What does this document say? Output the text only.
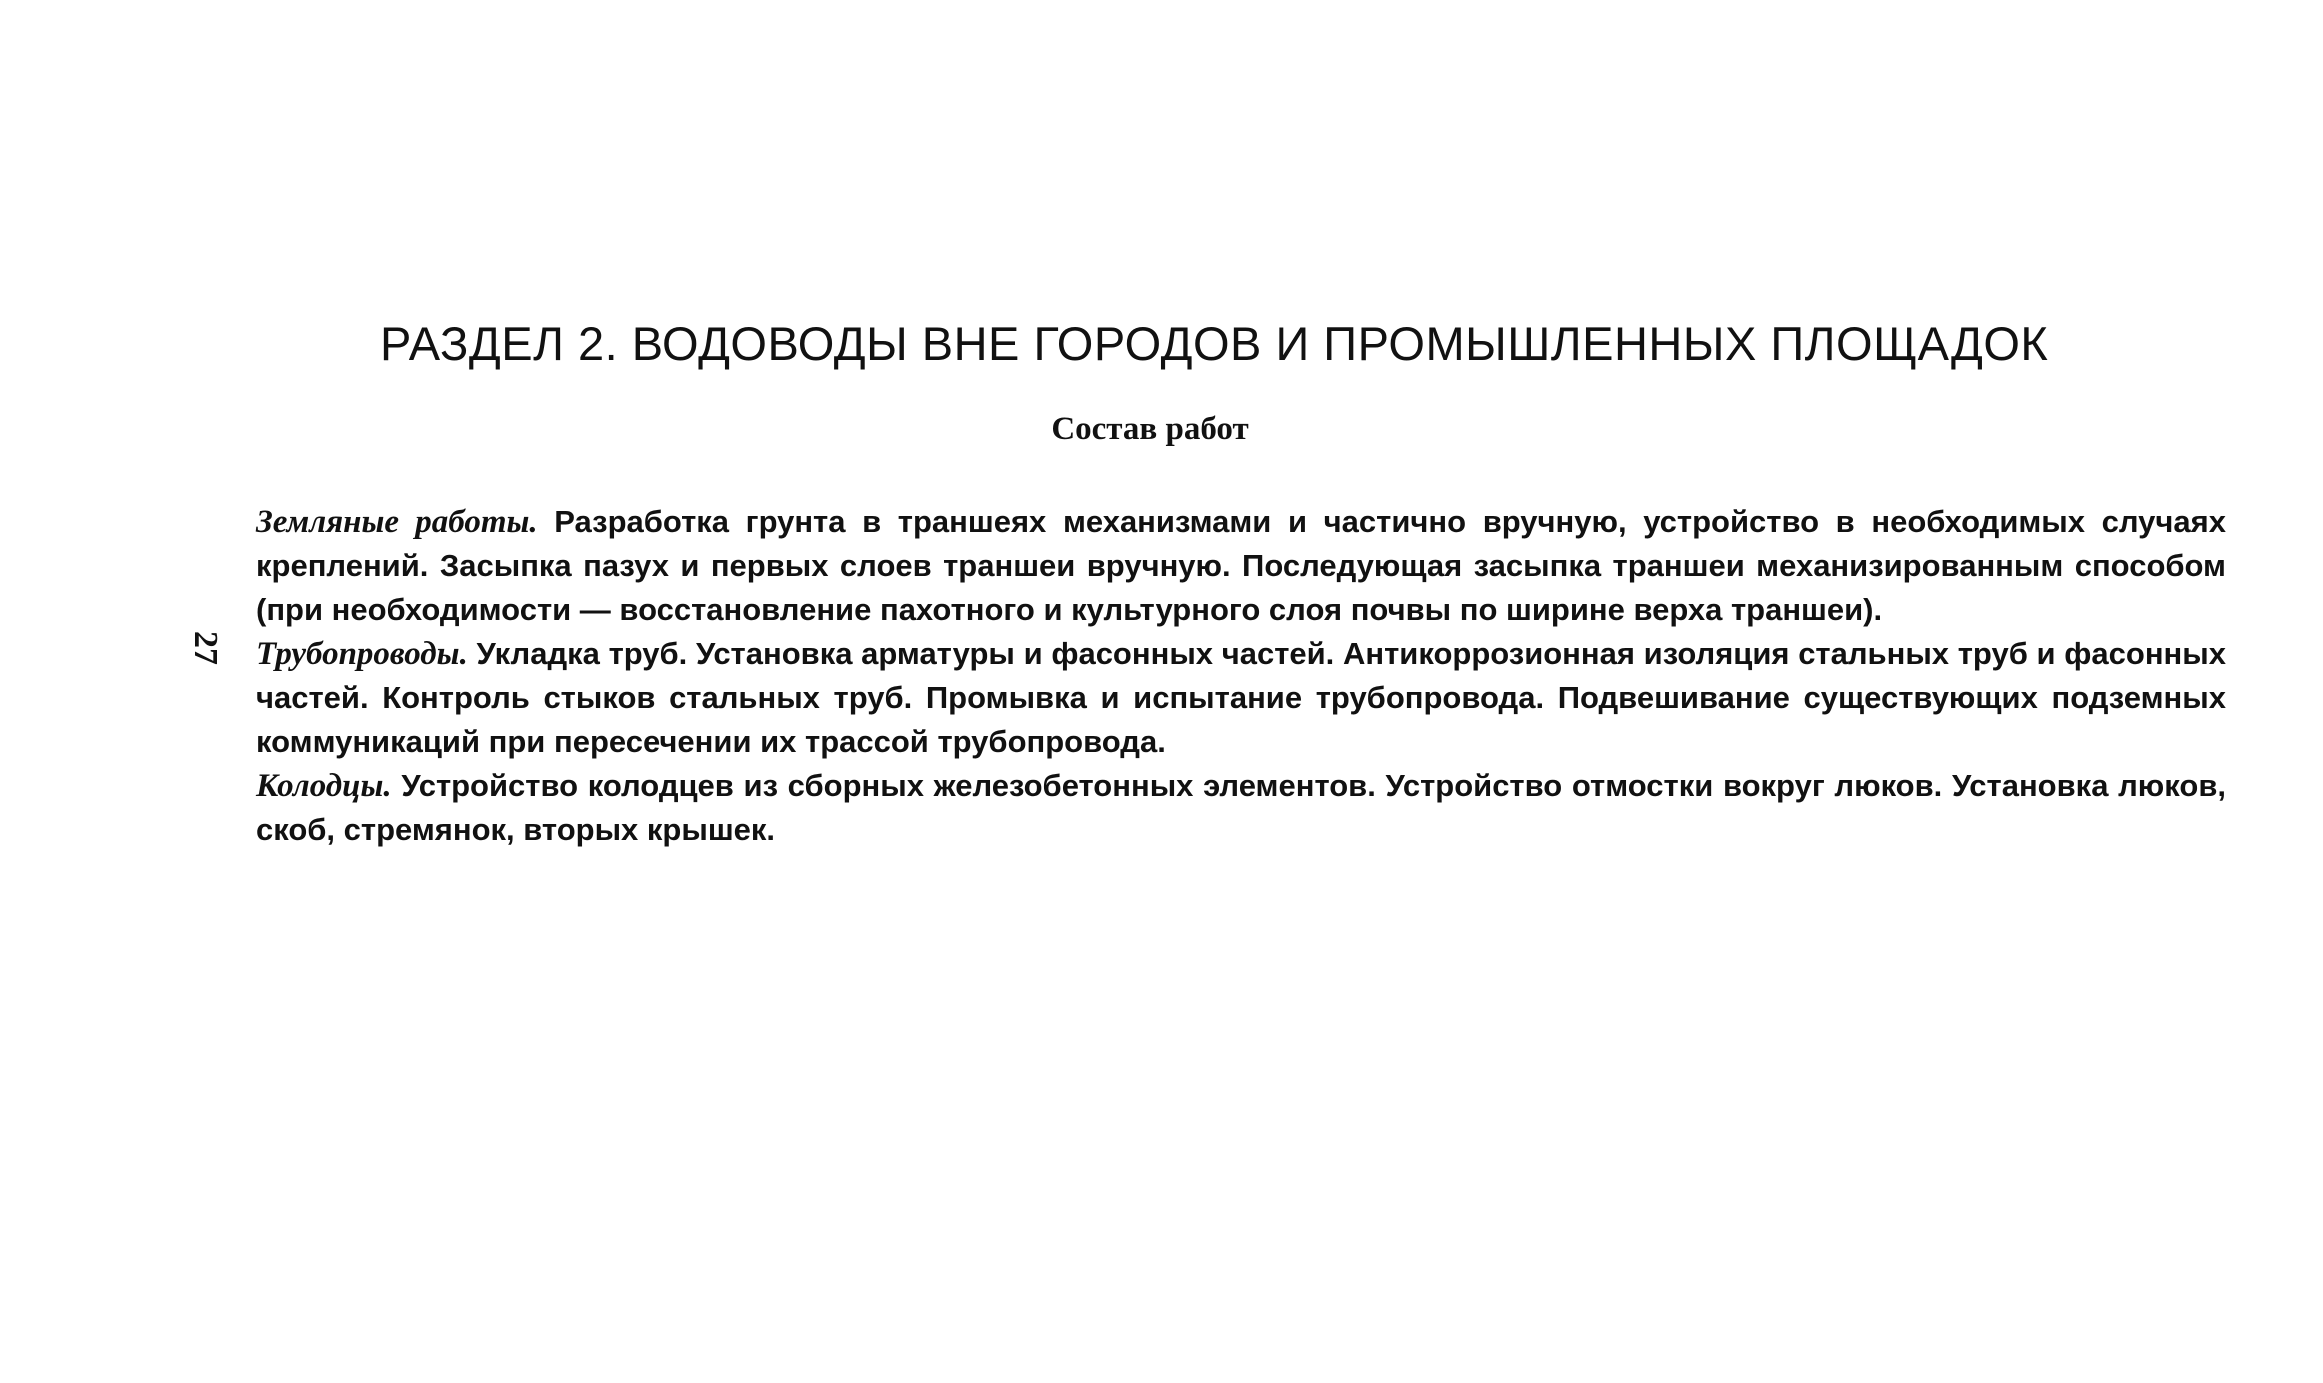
РАЗДЕЛ 2. ВОДОВОДЫ ВНЕ ГОРОДОВ И ПРОМЫШЛЕННЫХ ПЛОЩАДОК
Состав работ
27

Земляные работы. Разработка грунта в траншеях механизмами и частично вручную, устройство в необходимых случаях креплений. Засыпка пазух и первых слоев траншеи вручную. Последующая засыпка траншеи механизированным способом (при необходимости — восстановление пахотного и культурного слоя почвы по ширине верха траншеи).

Трубопроводы. Укладка труб. Установка арматуры и фасонных частей. Антикоррозионная изоляция стальных труб и фасонных частей. Контроль стыков стальных труб. Промывка и испытание трубопровода. Подвешивание существующих подземных коммуникаций при пересечении их трассой трубопровода.

Колодцы. Устройство колодцев из сборных железобетонных элементов. Устройство отмостки вокруг люков. Установка люков, скоб, стремянок, вторых крышек.
